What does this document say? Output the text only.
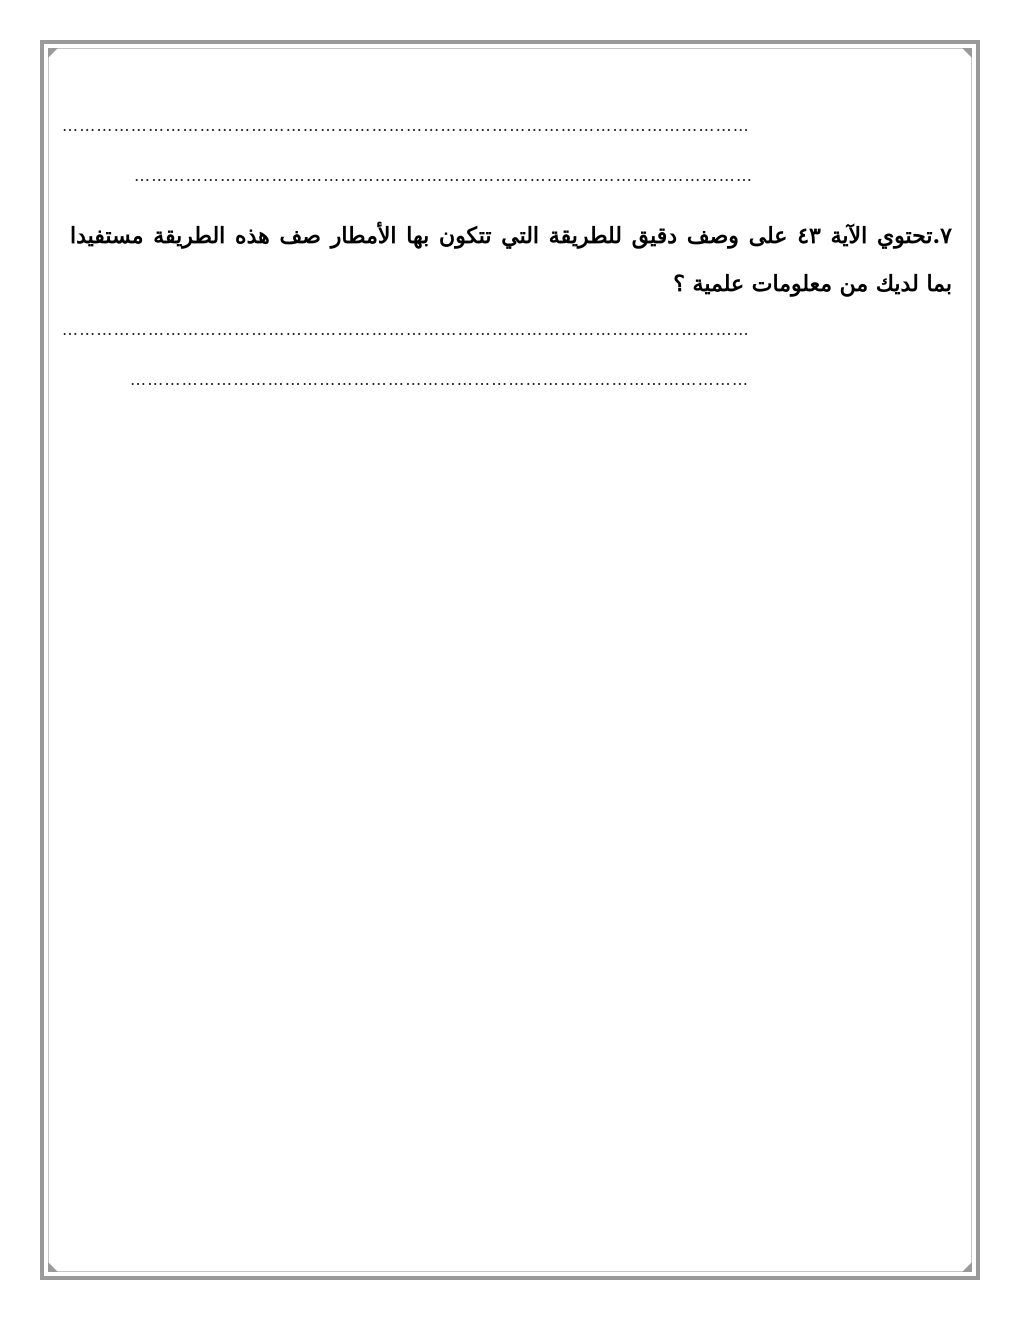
…………………………………………………………………………………………………………
………………………………………………………………………………………………
٧.تحتوي الآية ٤٣ على وصف دقيق للطريقة التي تتكون بها الأمطار صف هذه الطريقة مستفيدا بما لديك من معلومات علمية ؟
…………………………………………………………………………………………………………
………………………………………………………………………………………………
